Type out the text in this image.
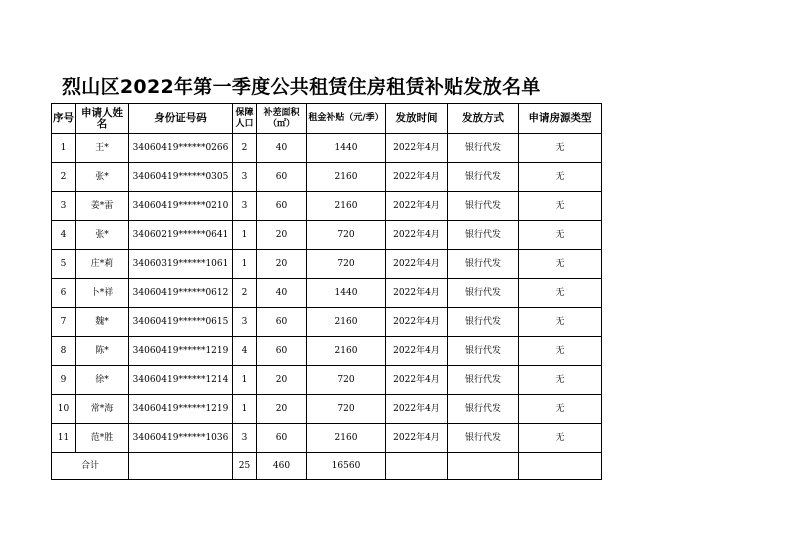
烈山区2022年第一季度公共租赁住房租赁补贴发放名单
序号	申请人姓名	身份证号码	保障人口	补差面积（㎡）	租金补贴（元/季）	发放时间	发放方式	申请房源类型
1	王*	34060419******0266	2	40	1440	2022年4月	银行代发	无
2	张*	34060419******0305	3	60	2160	2022年4月	银行代发	无
3	姜*雷	34060419******0210	3	60	2160	2022年4月	银行代发	无
4	张*	34060219******0641	1	20	720	2022年4月	银行代发	无
5	庄*莉	34060319******1061	1	20	720	2022年4月	银行代发	无
6	卜*祥	34060419******0612	2	40	1440	2022年4月	银行代发	无
7	魏*	34060419******0615	3	60	2160	2022年4月	银行代发	无
8	陈*	34060419******1219	4	60	2160	2022年4月	银行代发	无
9	徐*	34060419******1214	1	20	720	2022年4月	银行代发	无
10	常*海	34060419******1219	1	20	720	2022年4月	银行代发	无
11	范*胜	34060419******1036	3	60	2160	2022年4月	银行代发	无
合计			25	460	16560			
